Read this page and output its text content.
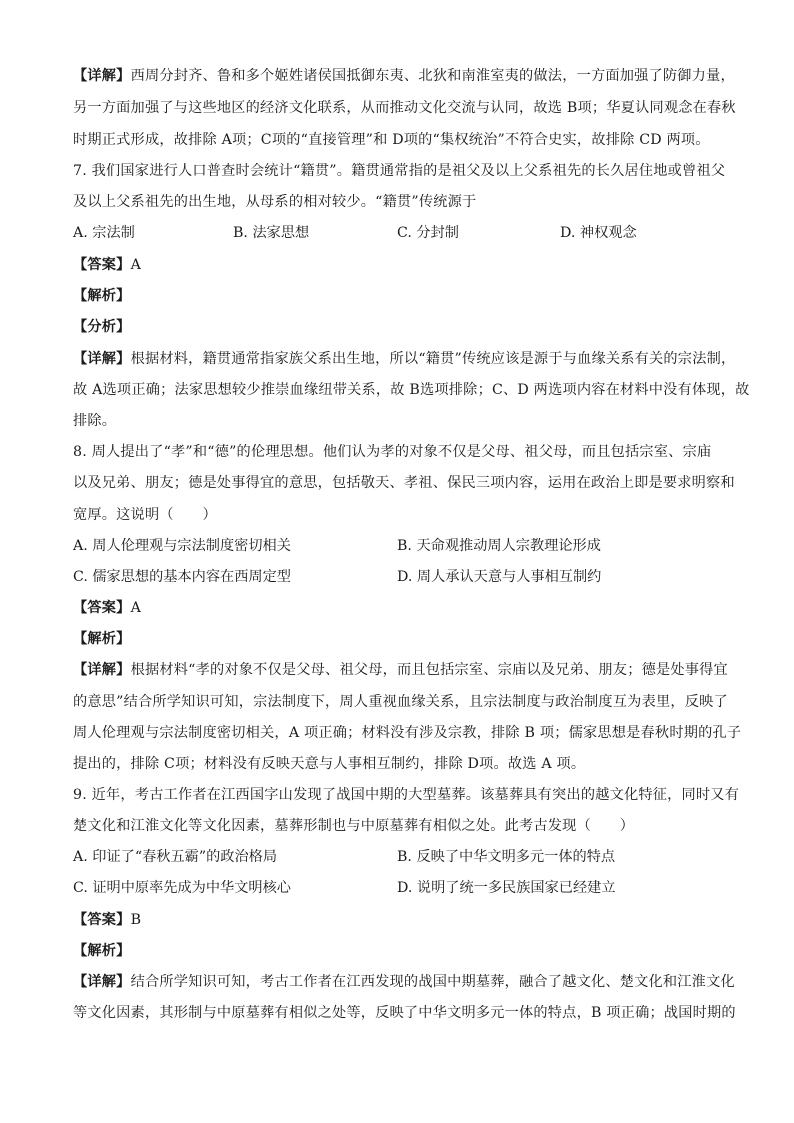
【详解】西周分封齐、鲁和多个姬姓诸侯国抵御东夷、北狄和南淮室夷的做法，一方面加强了防御力量，
另一方面加强了与这些地区的经济文化联系，从而推动文化交流与认同，故选 B项；华夏认同观念在春秋
时期正式形成，故排除 A项；C项的“直接管理”和 D项的“集权统治”不符合史实，故排除 CD 两项。
7. 我们国家进行人口普查时会统计“籍贯”。籍贯通常指的是祖父及以上父系祖先的长久居住地或曾祖父
及以上父系祖先的出生地，从母系的相对较少。“籍贯”传统源于
A. 宗法制	B. 法家思想	C. 分封制	D. 神权观念
【答案】A
【解析】
【分析】
【详解】根据材料，籍贯通常指家族父系出生地，所以“籍贯”传统应该是源于与血缘关系有关的宗法制，
故 A选项正确；法家思想较少推崇血缘纽带关系，故 B选项排除；C、D 两选项内容在材料中没有体现，故
排除。
8. 周人提出了“孝”和“德”的伦理思想。他们认为孝的对象不仅是父母、祖父母，而且包括宗室、宗庙
以及兄弟、朋友；德是处事得宜的意思，包括敬天、孝祖、保民三项内容，运用在政治上即是要求明察和
宽厚。这说明（　　）
A. 周人伦理观与宗法制度密切相关	B. 天命观推动周人宗教理论形成
C. 儒家思想的基本内容在西周定型	D. 周人承认天意与人事相互制约
【答案】A
【解析】
【详解】根据材料“孝的对象不仅是父母、祖父母，而且包括宗室、宗庙以及兄弟、朋友；德是处事得宜
的意思”结合所学知识可知，宗法制度下，周人重视血缘关系，且宗法制度与政治制度互为表里，反映了
周人伦理观与宗法制度密切相关，A 项正确；材料没有涉及宗教，排除 B 项；儒家思想是春秋时期的孔子
提出的，排除 C项；材料没有反映天意与人事相互制约，排除 D项。故选 A 项。
9. 近年，考古工作者在江西国字山发现了战国中期的大型墓葬。该墓葬具有突出的越文化特征，同时又有
楚文化和江淮文化等文化因素，墓葬形制也与中原墓葬有相似之处。此考古发现（　　）
A. 印证了“春秋五霸”的政治格局	B. 反映了中华文明多元一体的特点
C. 证明中原率先成为中华文明核心	D. 说明了统一多民族国家已经建立
【答案】B
【解析】
【详解】结合所学知识可知，考古工作者在江西发现的战国中期墓葬，融合了越文化、楚文化和江淮文化
等文化因素，其形制与中原墓葬有相似之处等，反映了中华文明多元一体的特点，B 项正确；战国时期的
